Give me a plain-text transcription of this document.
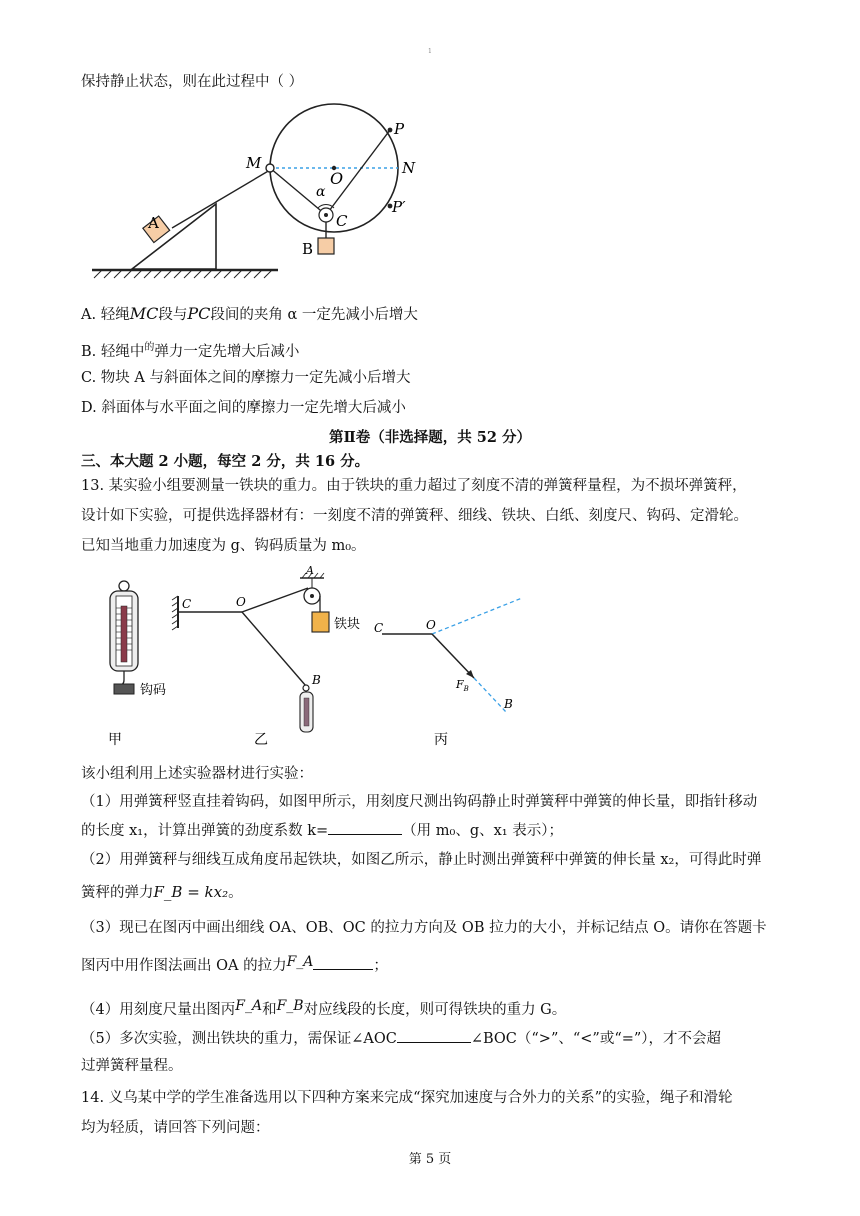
1
保持静止状态，则在此过程中（ ）
A
M
O
N
P
P′
α
C
B
A. 轻绳MC段与PC段间的夹角 α 一定先减小后增大
B. 轻绳中$^的$弹力一定先增大后减小
C. 物块 A 与斜面体之间的摩擦力一定先减小后增大
D. 斜面体与水平面之间的摩擦力一定先增大后减小
第Ⅱ卷（非选择题，共 52 分）
三、本大题 2 小题，每空 2 分，共 16 分。
13. 某实验小组要测量一铁块的重力。由于铁块的重力超过了刻度不清的弹簧秤量程，为不损坏弹簧秤，
设计如下实验，可提供选择器材有：一刻度不清的弹簧秤、细线、铁块、白纸、刻度尺、钩码、定滑轮。
已知当地重力加速度为 g、钩码质量为 m₀。
钩码
甲
C	O
A
铁块
B
乙
C	O
$F_B$
B
丙
该小组利用上述实验器材进行实验：
（1）用弹簧秤竖直挂着钩码，如图甲所示，用刻度尺测出钩码静止时弹簧秤中弹簧的伸长量，即指针移动
的长度 x₁，计算出弹簧的劲度系数 k=	（用 m₀、g、x₁ 表示）；
（2）用弹簧秤与细线互成角度吊起铁块，如图乙所示，静止时测出弹簧秤中弹簧的伸长量 x₂，可得此时弹
簧秤的弹力F_B = kx₂。
（3）现已在图丙中画出细线 OA、OB、OC 的拉力方向及 OB 拉力的大小，并标记结点 O。请你在答题卡
图丙中用作图法画出 OA 的拉力F_A	；
（4）用刻度尺量出图丙F_A和F_B对应线段的长度，则可得铁块的重力 G。
（5）多次实验，测出铁块的重力，需保证∠AOC	∠BOC（“>”、“<”或“=”），才不会超
过弹簧秤量程。
14. 义乌某中学的学生准备选用以下四种方案来完成“探究加速度与合外力的关系”的实验，绳子和滑轮
均为轻质，请回答下列问题：
第 5 页
